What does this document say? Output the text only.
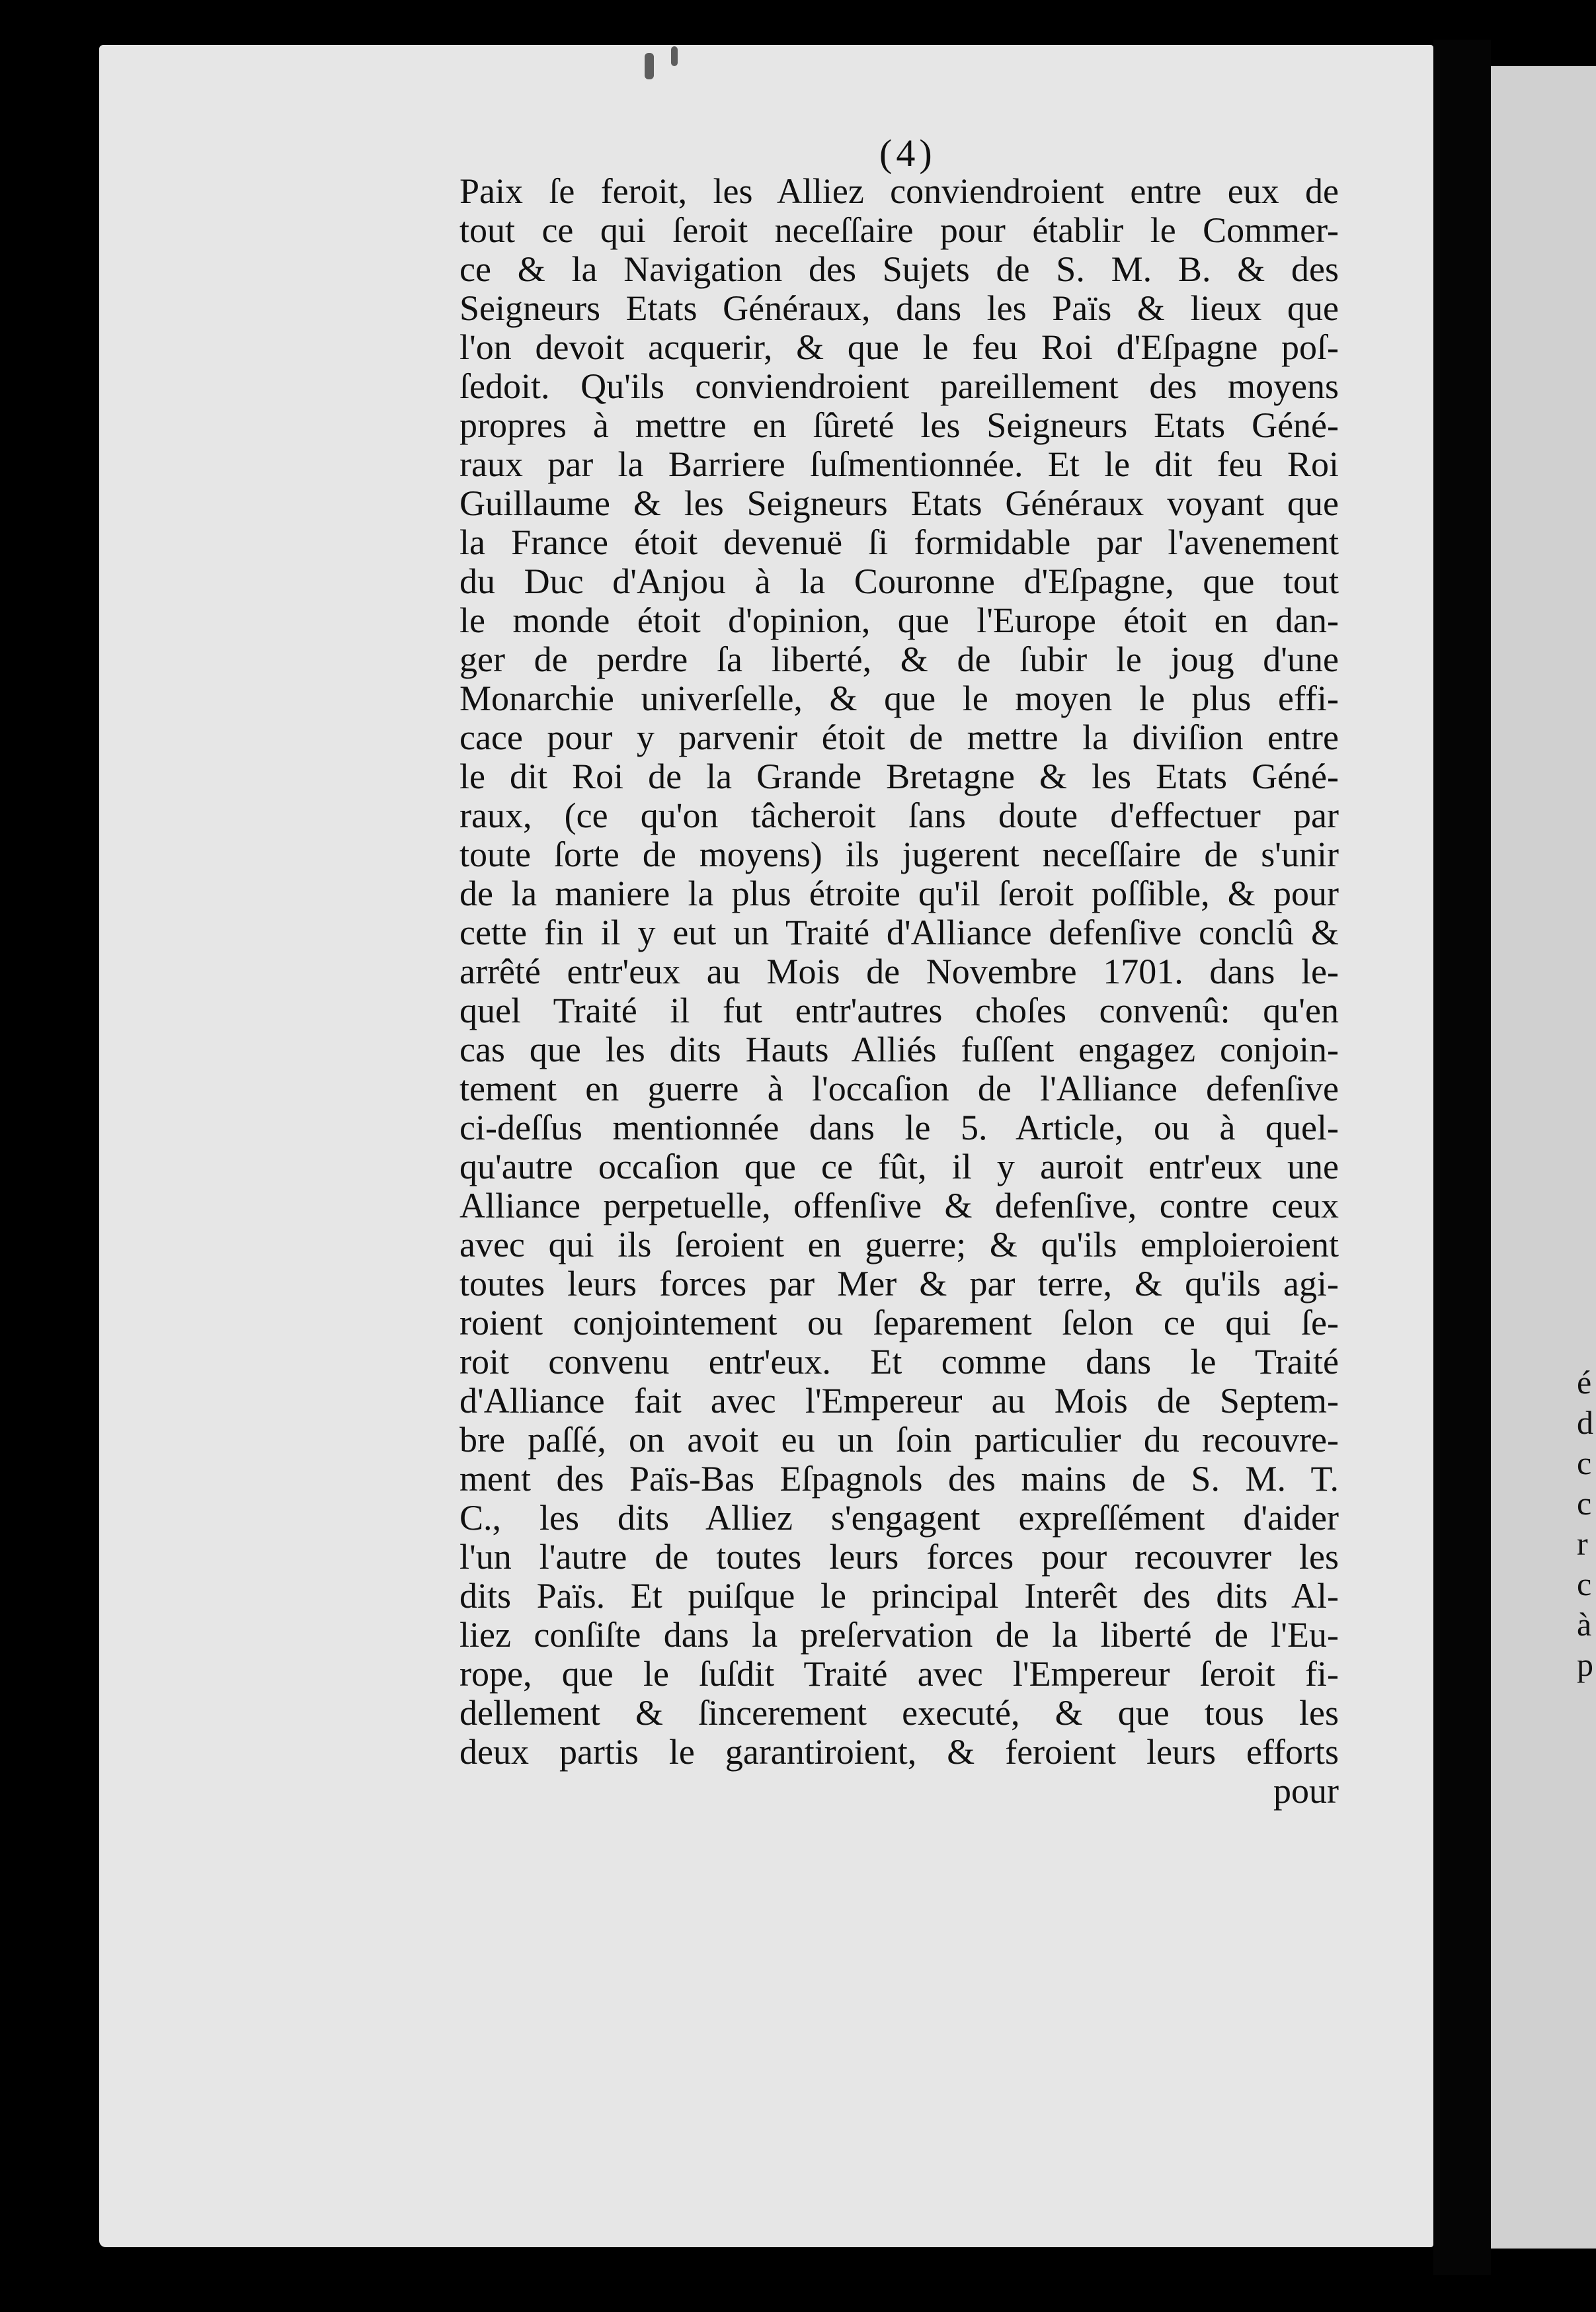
(4)
Paix ſe feroit, les Alliez conviendroient entre eux de
tout ce qui ſeroit neceſſaire pour établir le Commer-
ce & la Navigation des Sujets de S. M. B. & des
Seigneurs Etats Généraux, dans les Païs & lieux que
l'on devoit acquerir, & que le feu Roi d'Eſpagne poſ-
ſedoit. Qu'ils conviendroient pareillement des moyens
propres à mettre en ſûreté les Seigneurs Etats Géné-
raux par la Barriere ſuſmentionnée. Et le dit feu Roi
Guillaume & les Seigneurs Etats Généraux voyant que
la France étoit devenuë ſi formidable par l'avenement
du Duc d'Anjou à la Couronne d'Eſpagne, que tout
le monde étoit d'opinion, que l'Europe étoit en dan-
ger de perdre ſa liberté, & de ſubir le joug d'une
Monarchie univerſelle, & que le moyen le plus effi-
cace pour y parvenir étoit de mettre la diviſion entre
le dit Roi de la Grande Bretagne & les Etats Géné-
raux, (ce qu'on tâcheroit ſans doute d'effectuer par
toute ſorte de moyens) ils jugerent neceſſaire de s'unir
de la maniere la plus étroite qu'il ſeroit poſſible, & pour
cette fin il y eut un Traité d'Alliance defenſive conclû &
arrêté entr'eux au Mois de Novembre 1701. dans le-
quel Traité il fut entr'autres choſes convenû: qu'en
cas que les dits Hauts Alliés fuſſent engagez conjoin-
tement en guerre à l'occaſion de l'Alliance defenſive
ci-deſſus mentionnée dans le 5. Article, ou à quel-
qu'autre occaſion que ce fût, il y auroit entr'eux une
Alliance perpetuelle, offenſive & defenſive, contre ceux
avec qui ils ſeroient en guerre; & qu'ils emploieroient
toutes leurs forces par Mer & par terre, & qu'ils agi-
roient conjointement ou ſeparement ſelon ce qui ſe-
roit convenu entr'eux. Et comme dans le Traité
d'Alliance fait avec l'Empereur au Mois de Septem-
bre paſſé, on avoit eu un ſoin particulier du recouvre-
ment des Païs-Bas Eſpagnols des mains de S. M. T.
C., les dits Alliez s'engagent expreſſément d'aider
l'un l'autre de toutes leurs forces pour recouvrer les
dits Païs. Et puiſque le principal Interêt des dits Al-
liez conſiſte dans la preſervation de la liberté de l'Eu-
rope, que le ſuſdit Traité avec l'Empereur ſeroit fi-
dellement & ſincerement executé, & que tous les
deux partis le garantiroient, & feroient leurs efforts
pour
é
d
c
c
r
c
à
p
